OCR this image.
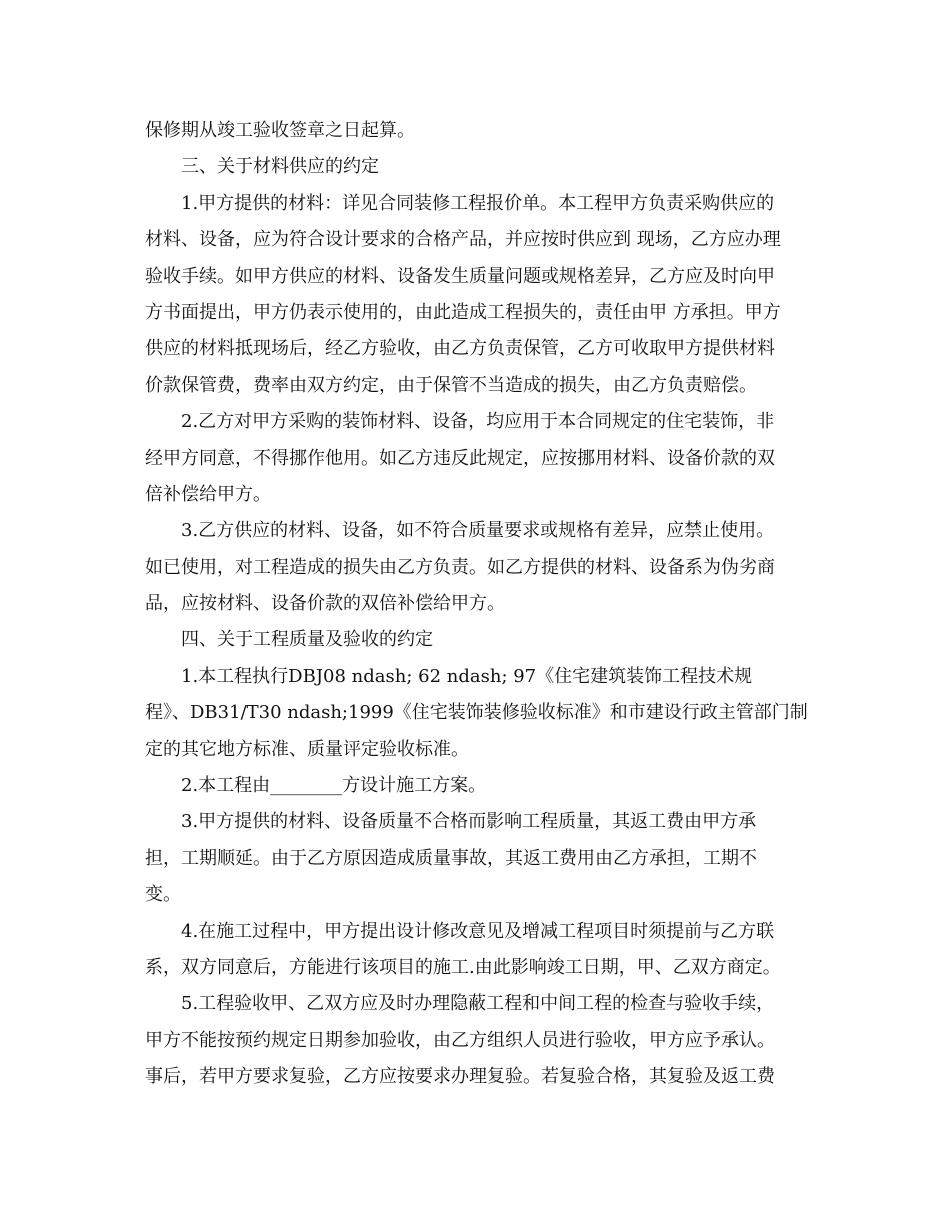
保修期从竣工验收签章之日起算。
三、关于材料供应的约定
1.甲方提供的材料：详见合同装修工程报价单。本工程甲方负责采购供应的
材料、设备，应为符合设计要求的合格产品，并应按时供应到 现场，乙方应办理
验收手续。如甲方供应的材料、设备发生质量问题或规格差异，乙方应及时向甲
方书面提出，甲方仍表示使用的，由此造成工程损失的，责任由甲 方承担。甲方
供应的材料抵现场后，经乙方验收，由乙方负责保管，乙方可收取甲方提供材料
价款保管费，费率由双方约定，由于保管不当造成的损失，由乙方负责赔偿。
2.乙方对甲方采购的装饰材料、设备，均应用于本合同规定的住宅装饰，非
经甲方同意，不得挪作他用。如乙方违反此规定，应按挪用材料、设备价款的双
倍补偿给甲方。
3.乙方供应的材料、设备，如不符合质量要求或规格有差异，应禁止使用。
如已使用，对工程造成的损失由乙方负责。如乙方提供的材料、设备系为伪劣商
品，应按材料、设备价款的双倍补偿给甲方。
四、关于工程质量及验收的约定
1.本工程执行DBJ08 ndash; 62 ndash; 97《住宅建筑装饰工程技术规
程》、DB31/T30 ndash;1999《住宅装饰装修验收标准》和市建设行政主管部门制
定的其它地方标准、质量评定验收标准。
2.本工程由________方设计施工方案。
3.甲方提供的材料、设备质量不合格而影响工程质量，其返工费由甲方承
担，工期顺延。由于乙方原因造成质量事故，其返工费用由乙方承担，工期不
变。
4.在施工过程中，甲方提出设计修改意见及增减工程项目时须提前与乙方联
系，双方同意后，方能进行该项目的施工.由此影响竣工日期，甲、乙双方商定。
5.工程验收甲、乙双方应及时办理隐蔽工程和中间工程的检查与验收手续，
甲方不能按预约规定日期参加验收，由乙方组织人员进行验收，甲方应予承认。
事后，若甲方要求复验，乙方应按要求办理复验。若复验合格，其复验及返工费
